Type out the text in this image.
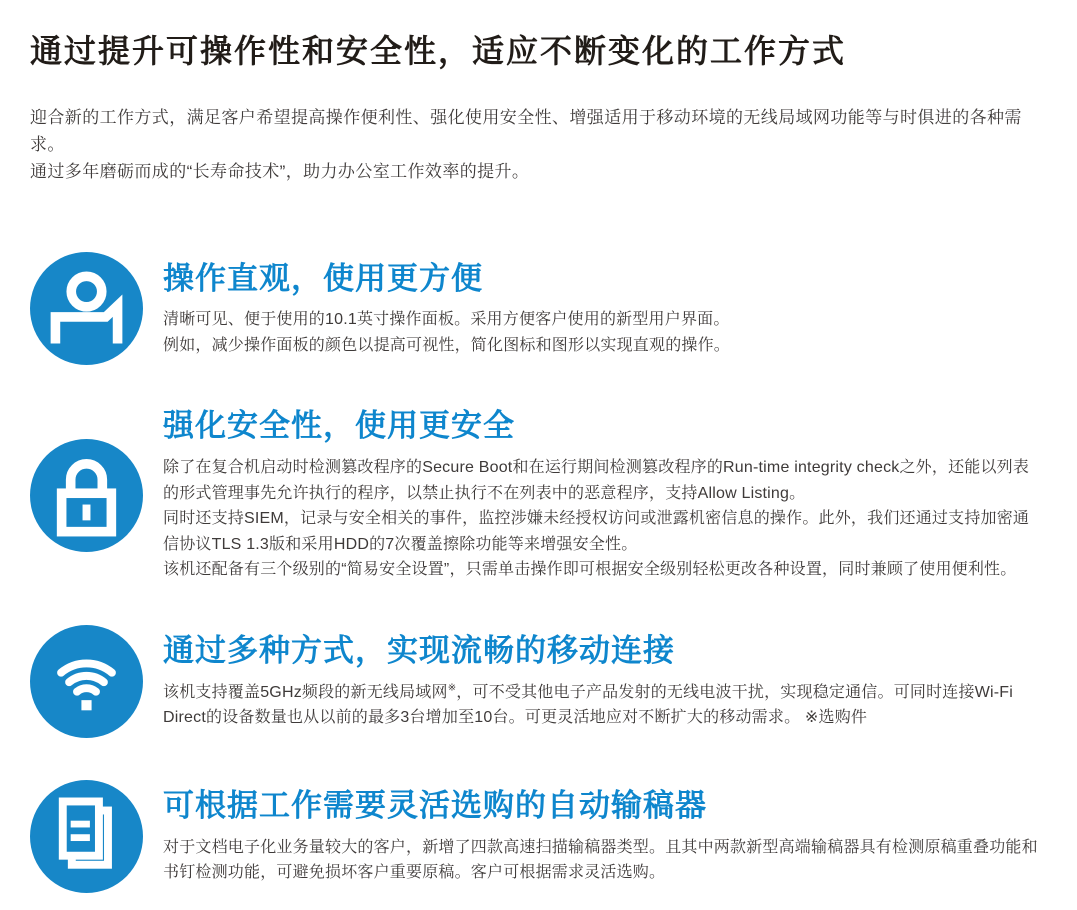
通过提升可操作性和安全性，适应不断变化的工作方式

迎合新的工作方式，满足客户希望提高操作便利性、强化使用安全性、增强适用于移动环境的无线局域网功能等与时俱进的各种需求。

通过多年磨砺而成的“长寿命技术”，助力办公室工作效率的提升。

操作直观，使用更方便

清晰可见、便于使用的10.1英寸操作面板。采用方便客户使用的新型用户界面。

例如，减少操作面板的颜色以提高可视性，简化图标和图形以实现直观的操作。

强化安全性，使用更安全

除了在复合机启动时检测篡改程序的Secure Boot和在运行期间检测篡改程序的Run-time integrity check之外，还能以列表的形式管理事先允许执行的程序，以禁止执行不在列表中的恶意程序，支持Allow Listing。

同时还支持SIEM，记录与安全相关的事件，监控涉嫌未经授权访问或泄露机密信息的操作。此外，我们还通过支持加密通信协议TLS 1.3版和采用HDD的7次覆盖擦除功能等来增强安全性。

该机还配备有三个级别的“简易安全设置”，只需单击操作即可根据安全级别轻松更改各种设置，同时兼顾了使用便利性。

通过多种方式，实现流畅的移动连接

该机支持覆盖5GHz频段的新无线局域网※，可不受其他电子产品发射的无线电波干扰，实现稳定通信。可同时连接Wi-Fi Direct的设备数量也从以前的最多3台增加至10台。可更灵活地应对不断扩大的移动需求。 ※选购件

可根据工作需要灵活选购的自动输稿器

对于文档电子化业务量较大的客户，新增了四款高速扫描输稿器类型。且其中两款新型高端输稿器具有检测原稿重叠功能和书钉检测功能，可避免损坏客户重要原稿。客户可根据需求灵活选购。
